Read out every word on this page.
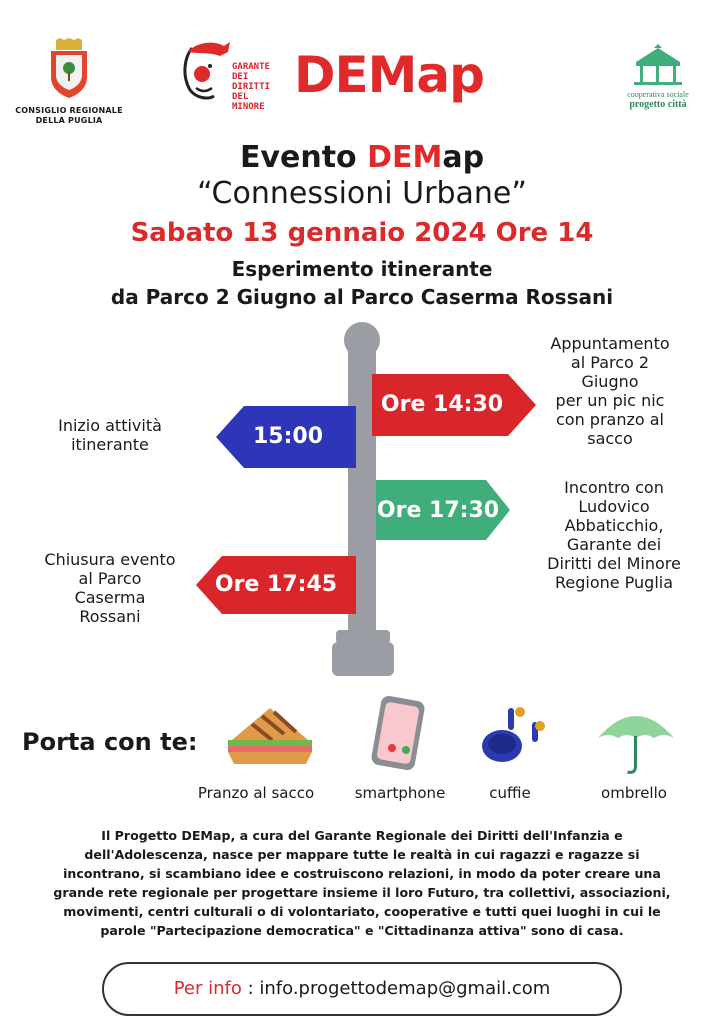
CONSIGLIO REGIONALE
DELLA PUGLIA
GARANTE
DEI DIRITTI
DEL MINORE
DEMap	cooperativa sociale
progetto città
Evento DEMap
“Connessioni Urbane”
Sabato 13 gennaio 2024 Ore 14
Esperimento itinerante
da Parco 2 Giugno al Parco Caserma Rossani
Ore 14:30
15:00
Ore 17:30
Ore 17:45
Appuntamento
al Parco 2
Giugno
per un pic nic
con pranzo al
sacco
Inizio attività
itinerante
Incontro con
Ludovico
Abbaticchio,
Garante dei
Diritti del Minore
Regione Puglia
Chiusura evento
al Parco
Caserma
Rossani
Porta con te:
Pranzo al sacco	smartphone	cuffie	ombrello
Il Progetto DEMap, a cura del Garante Regionale dei Diritti dell'Infanzia e
dell'Adolescenza, nasce per mappare tutte le realtà in cui ragazzi e ragazze si
incontrano, si scambiano idee e costruiscono relazioni, in modo da poter creare una
grande rete regionale per progettare insieme il loro Futuro, tra collettivi, associazioni,
movimenti, centri culturali o di volontariato, cooperative e tutti quei luoghi in cui le
parole "Partecipazione democratica" e "Cittadinanza attiva" sono di casa.
Per info : info.progettodemap@gmail.com
